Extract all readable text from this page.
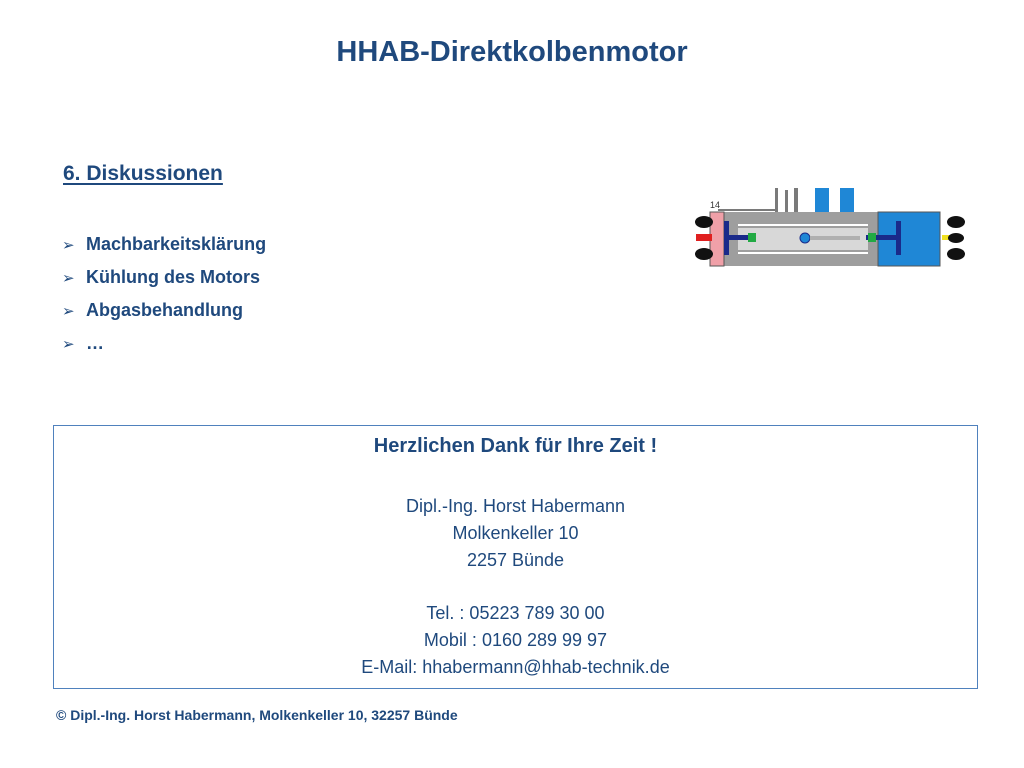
HHAB-Direktkolbenmotor
6. Diskussionen
➢ Machbarkeitsklärung
➢ Kühlung des Motors
➢ Abgasbehandlung
➢ …
14
Herzlichen Dank für Ihre Zeit !
Dipl.-Ing. Horst Habermann
Molkenkeller 10
2257 Bünde
Tel. : 05223 789 30 00
Mobil : 0160 289 99 97
E-Mail: hhabermann@hhab-technik.de
© Dipl.-Ing. Horst Habermann, Molkenkeller 10, 32257 Bünde
